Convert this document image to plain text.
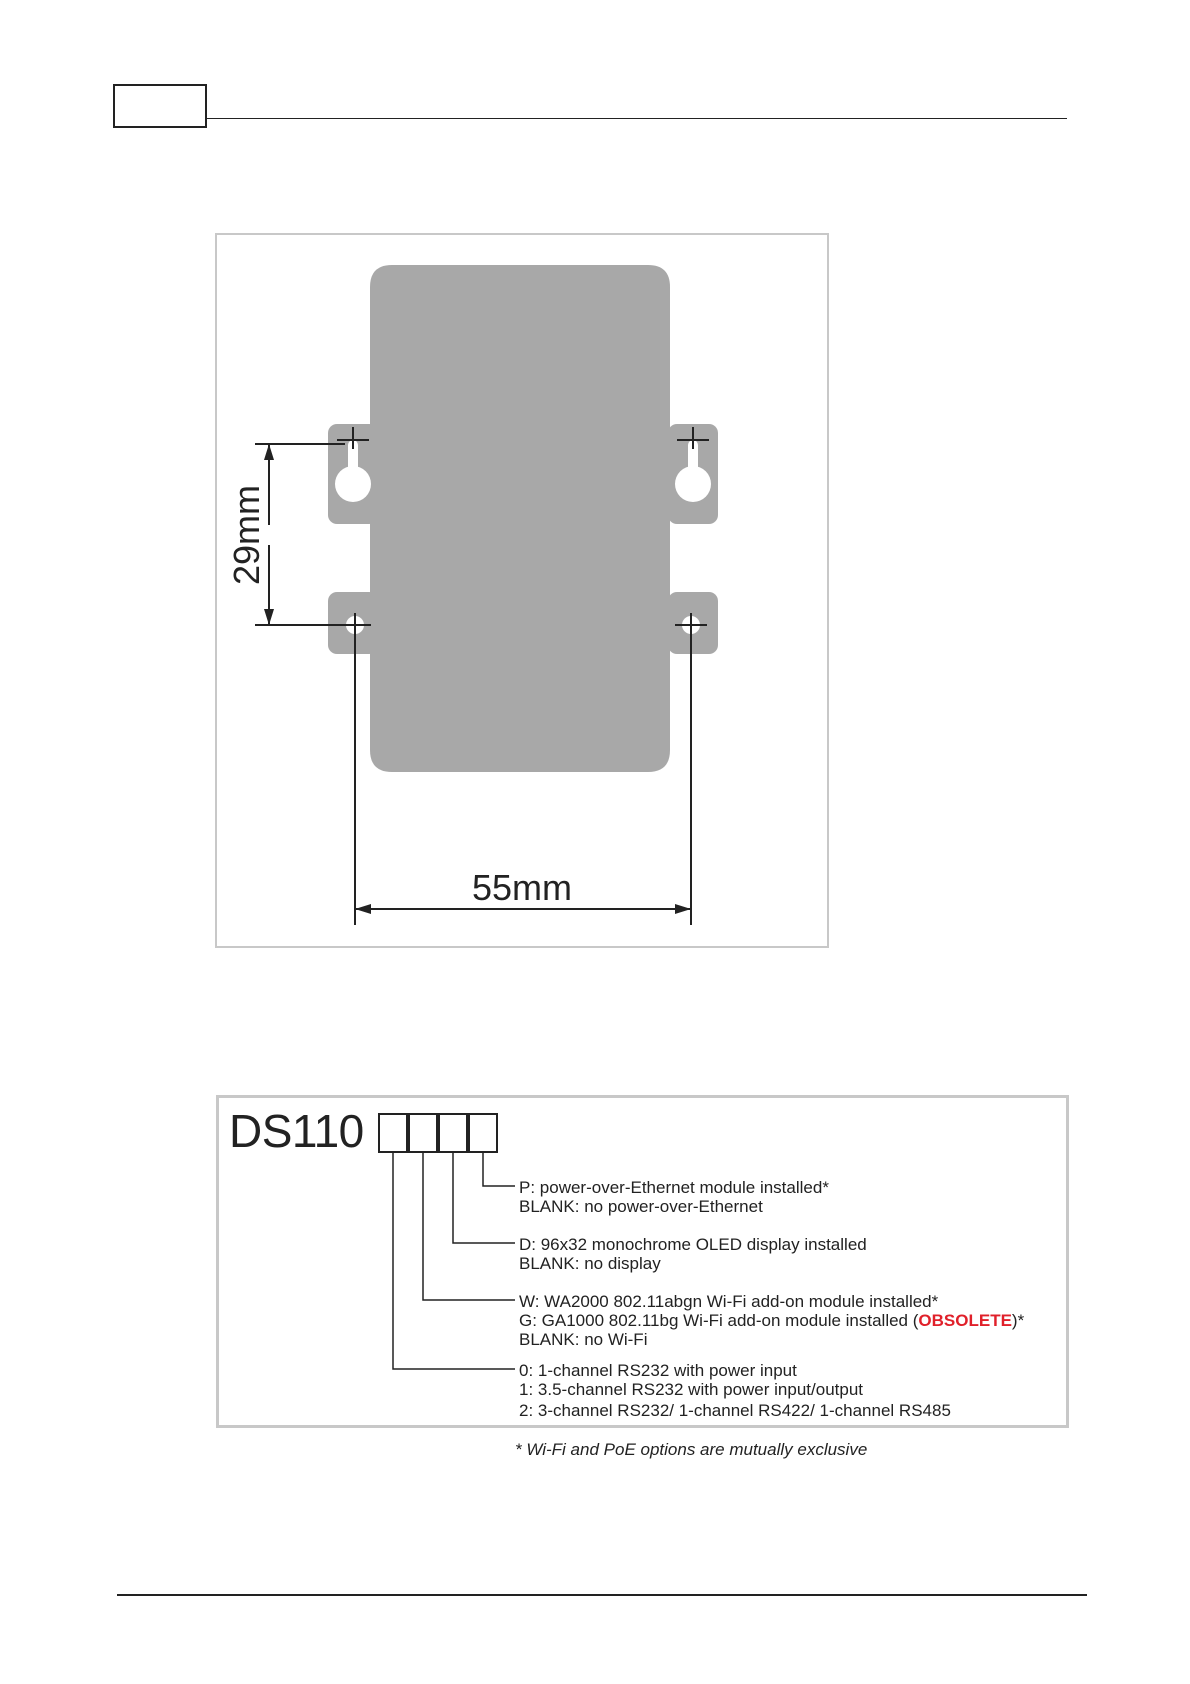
29mm
55mm
DS110
P: power-over-Ethernet module installed*
BLANK: no power-over-Ethernet
D: 96x32 monochrome OLED display installed
BLANK: no display
W: WA2000 802.11abgn Wi-Fi add-on module installed*
G: GA1000 802.11bg Wi-Fi add-on module installed (OBSOLETE)*
BLANK: no Wi-Fi
0: 1-channel RS232 with power input
1: 3.5-channel RS232 with power input/output
2: 3-channel RS232/ 1-channel RS422/ 1-channel RS485
* Wi-Fi and PoE options are mutually exclusive
